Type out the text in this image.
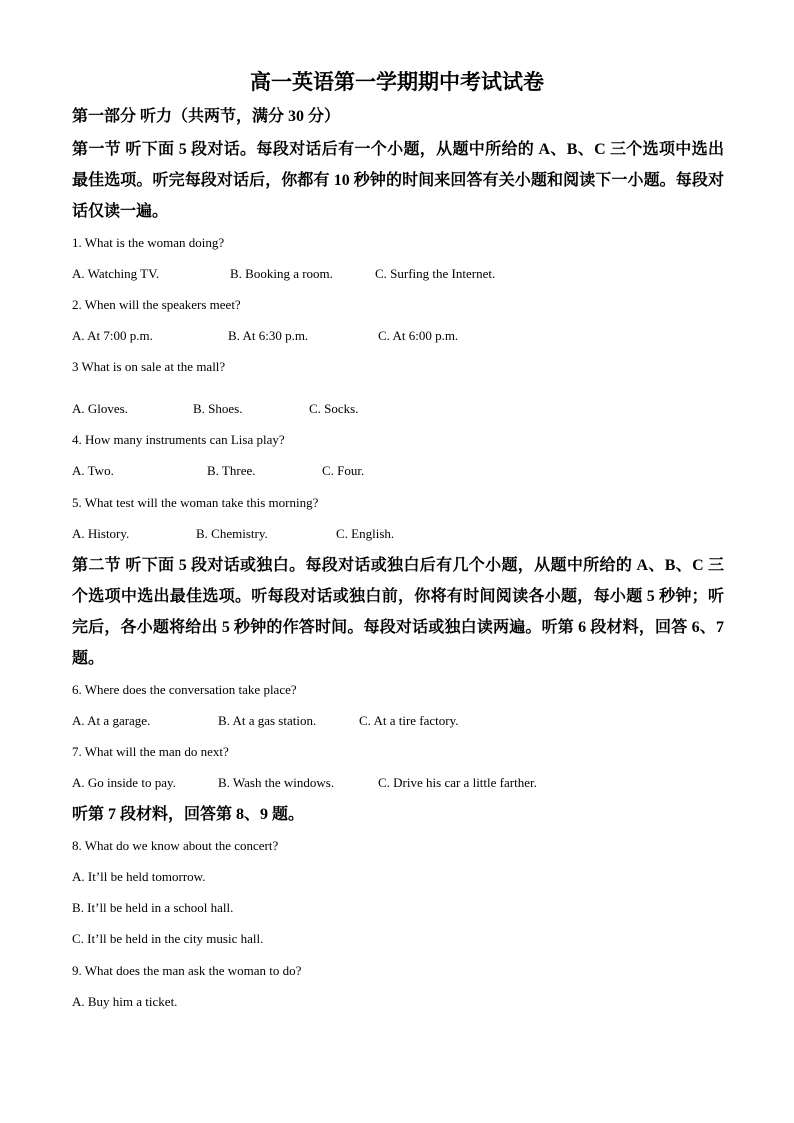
高一英语第一学期期中考试试卷
第一部分 听力（共两节，满分 30 分）
第一节 听下面 5 段对话。每段对话后有一个小题，从题中所给的 A、B、C 三个选项中选出最佳选项。听完每段对话后，你都有 10 秒钟的时间来回答有关小题和阅读下一小题。每段对话仅读一遍。
1. What is the woman doing?
A. Watching TV.	B. Booking a room.	C. Surfing the Internet.
2. When will the speakers meet?
A. At 7:00 p.m.	B. At 6:30 p.m.	C. At 6:00 p.m.
3 What is on sale at the mall?
A. Gloves.	B. Shoes.	C. Socks.
4. How many instruments can Lisa play?
A. Two.	B. Three.	C. Four.
5. What test will the woman take this morning?
A. History.	B. Chemistry.	C. English.
第二节 听下面 5 段对话或独白。每段对话或独白后有几个小题，从题中所给的 A、B、C 三个选项中选出最佳选项。听每段对话或独白前，你将有时间阅读各小题，每小题 5 秒钟；听完后，各小题将给出 5 秒钟的作答时间。每段对话或独白读两遍。听第 6 段材料，回答 6、7 题。
6. Where does the conversation take place?
A. At a garage.	B. At a gas station.	C. At a tire factory.
7. What will the man do next?
A. Go inside to pay.	B. Wash the windows.	C. Drive his car a little farther.
听第 7 段材料，回答第 8、9 题。
8. What do we know about the concert?
A. It’ll be held tomorrow.
B. It’ll be held in a school hall.
C. It’ll be held in the city music hall.
9. What does the man ask the woman to do?
A. Buy him a ticket.
